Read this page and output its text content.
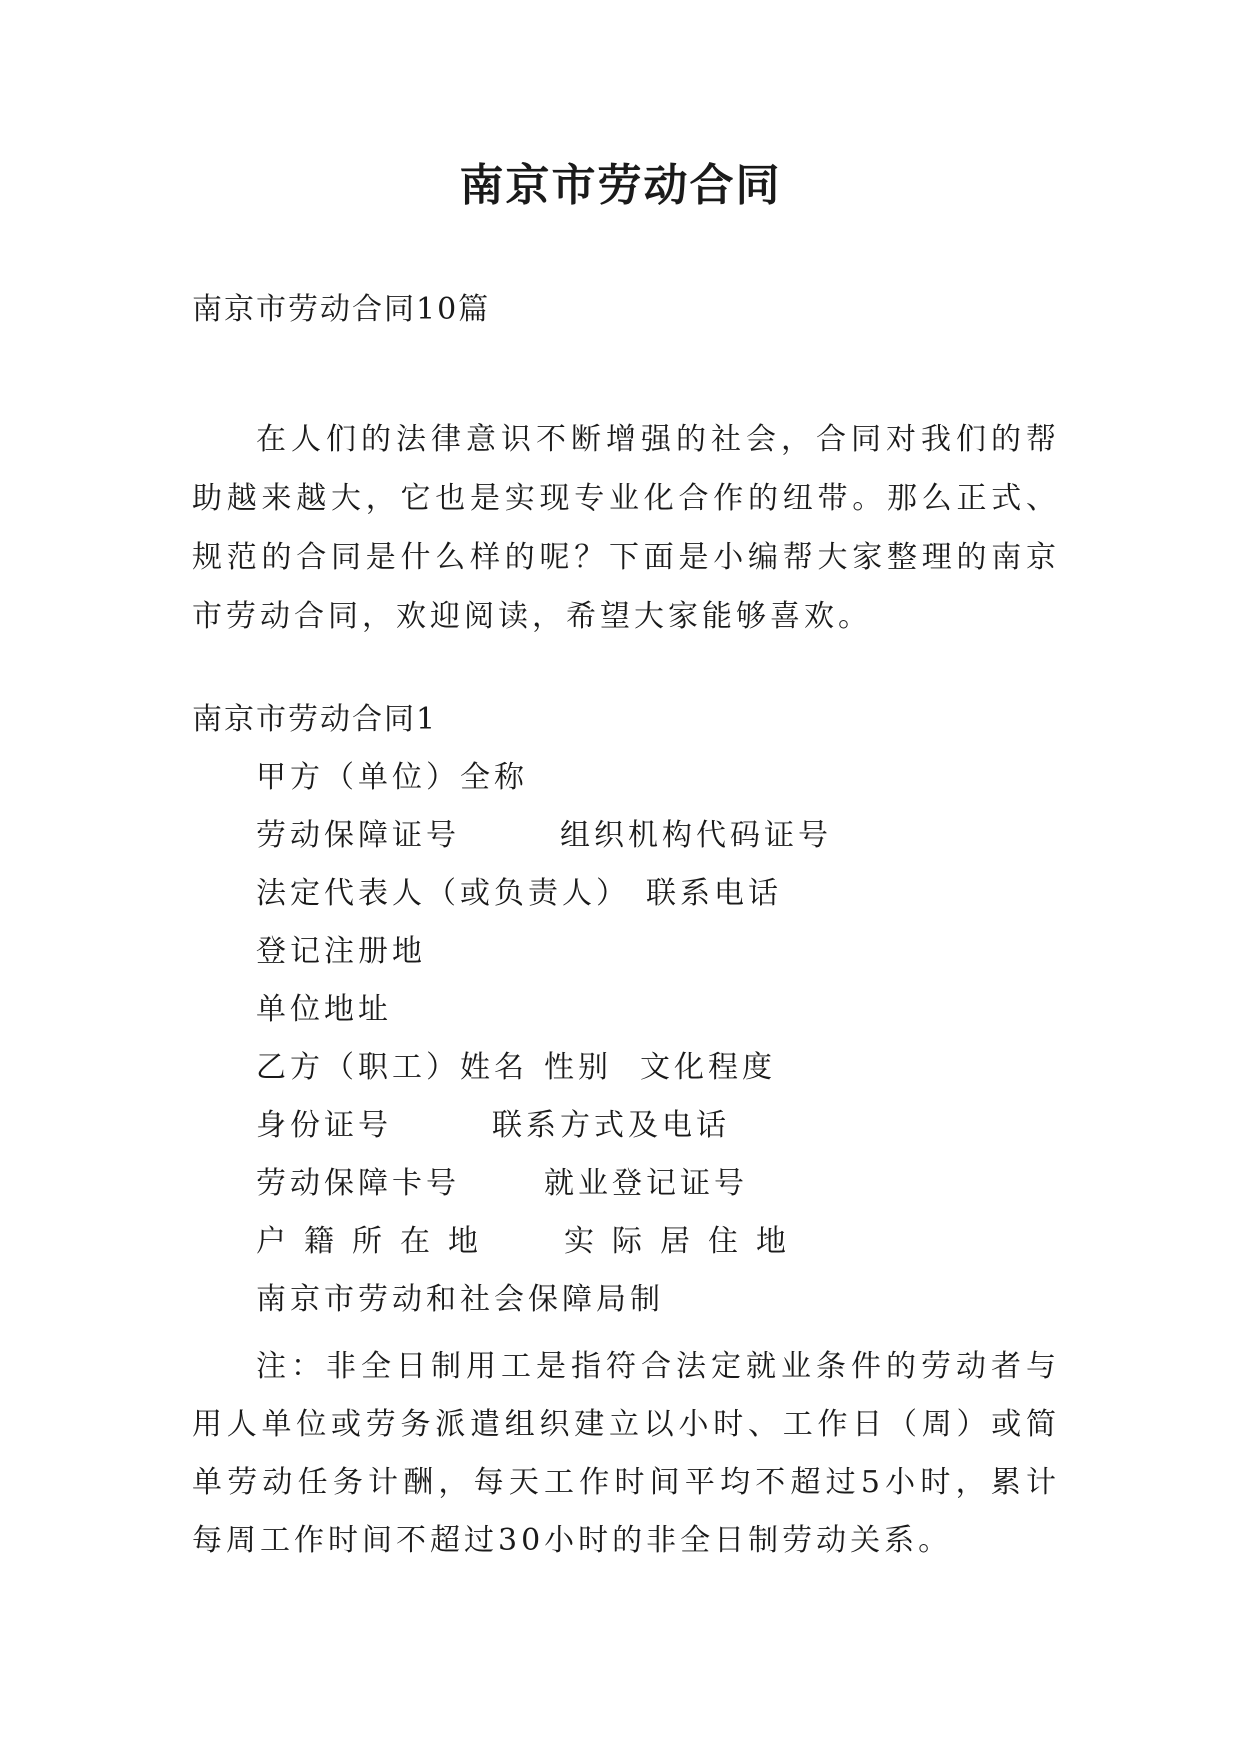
南京市劳动合同

南京市劳动合同10篇

在人们的法律意识不断增强的社会，合同对我们的帮助越来越大，它也是实现专业化合作的纽带。那么正式、规范的合同是什么样的呢？下面是小编帮大家整理的南京市劳动合同，欢迎阅读，希望大家能够喜欢。

南京市劳动合同1

甲方（单位）全称
劳动保障证号	组织机构代码证号
法定代表人（或负责人） 联系电话
登记注册地
单位地址
乙方（职工）姓名 性别 文化程度
身份证号	联系方式及电话
劳动保障卡号	就业登记证号
户籍所在地 实际居住地
南京市劳动和社会保障局制

注：非全日制用工是指符合法定就业条件的劳动者与用人单位或劳务派遣组织建立以小时、工作日（周）或简单劳动任务计酬，每天工作时间平均不超过5小时，累计每周工作时间不超过30小时的非全日制劳动关系。
